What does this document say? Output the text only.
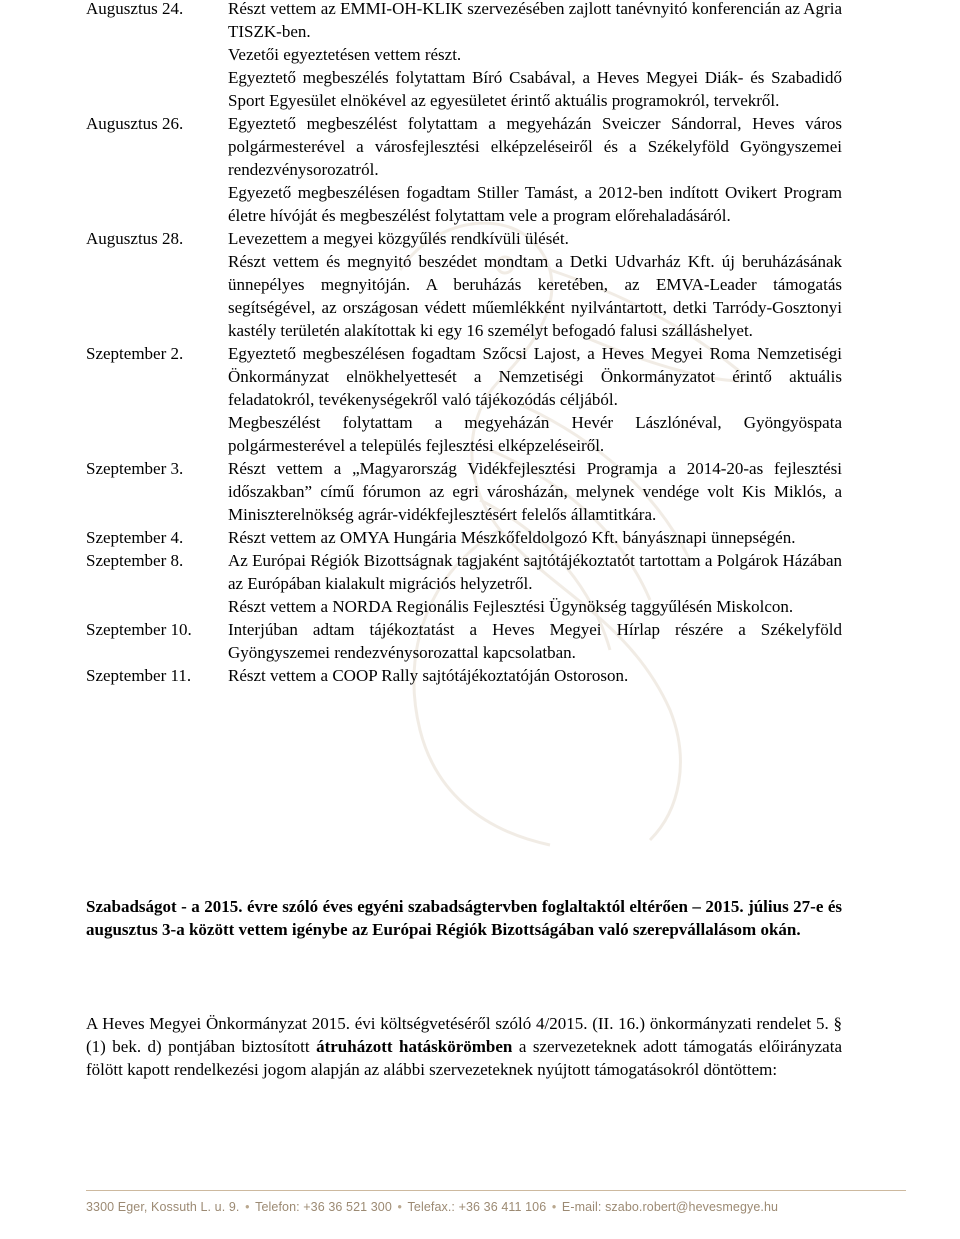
Augusztus 24.	Részt vettem az EMMI-OH-KLIK szervezésében zajlott tanévnyitó konferencián az Agria TISZK-ben.

Vezetői egyeztetésen vettem részt.

Egyeztető megbeszélés folytattam Bíró Csabával, a Heves Megyei Diák- és Szabadidő Sport Egyesület elnökével az egyesületet érintő aktuális programokról, tervekről.

Augusztus 26.	Egyeztető megbeszélést folytattam a megyeházán Sveiczer Sándorral, Heves város polgármesterével a városfejlesztési elképzeléseiről és a Székelyföld Gyöngyszemei rendezvénysorozatról.

Egyezető megbeszélésen fogadtam Stiller Tamást, a 2012-ben indított Ovikert Program életre hívóját és megbeszélést folytattam vele a program előrehaladásáról.

Augusztus 28.	Levezettem a megyei közgyűlés rendkívüli ülését.

Részt vettem és megnyitó beszédet mondtam a Detki Udvarház Kft. új beruházásának ünnepélyes megnyitóján. A beruházás keretében, az EMVA-Leader támogatás segítségével, az országosan védett műemlékként nyilvántartott, detki Tarródy-Gosztonyi kastély területén alakítottak ki egy 16 személyt befogadó falusi szálláshelyet.

Szeptember 2.	Egyeztető megbeszélésen fogadtam Szőcsi Lajost, a Heves Megyei Roma Nemzetiségi Önkormányzat elnökhelyettesét a Nemzetiségi Önkormányzatot érintő aktuális feladatokról, tevékenységekről való tájékozódás céljából.

Megbeszélést folytattam a megyeházán Hevér Lászlónéval, Gyöngyöspata polgármesterével a település fejlesztési elképzeléseiről.

Szeptember 3.	Részt vettem a „Magyarország Vidékfejlesztési Programja a 2014-20-as fejlesztési időszakban” című fórumon az egri városházán, melynek vendége volt Kis Miklós, a Miniszterelnökség agrár-vidékfejlesztésért felelős államtitkára.

Szeptember 4.	Részt vettem az OMYA Hungária Mészkőfeldolgozó Kft. bányásznapi ünnepségén.

Szeptember 8.	Az Európai Régiók Bizottságnak tagjaként sajtótájékoztatót tartottam a Polgárok Házában az Európában kialakult migrációs helyzetről.

Részt vettem a NORDA Regionális Fejlesztési Ügynökség taggyűlésén Miskolcon.

Szeptember 10.	Interjúban adtam tájékoztatást a Heves Megyei Hírlap részére a Székelyföld Gyöngyszemei rendezvénysorozattal kapcsolatban.

Szeptember 11.	Részt vettem a COOP Rally sajtótájékoztatóján Ostoroson.

Szabadságot - a 2015. évre szóló éves egyéni szabadságtervben foglaltaktól eltérően – 2015. július 27-e és augusztus 3-a között vettem igénybe az Európai Régiók Bizottságában való szerepvállalásom okán.

A Heves Megyei Önkormányzat 2015. évi költségvetéséről szóló 4/2015. (II. 16.) önkormányzati rendelet 5. § (1) bek. d) pontjában biztosított átruházott hatáskörömben a szervezeteknek adott támogatás előirányzata fölött kapott rendelkezési jogom alapján az alábbi szervezeteknek nyújtott támogatásokról döntöttem:

3300 Eger, Kossuth L. u. 9. • Telefon: +36 36 521 300 • Telefax.: +36 36 411 106 • E-mail: szabo.robert@hevesmegye.hu
